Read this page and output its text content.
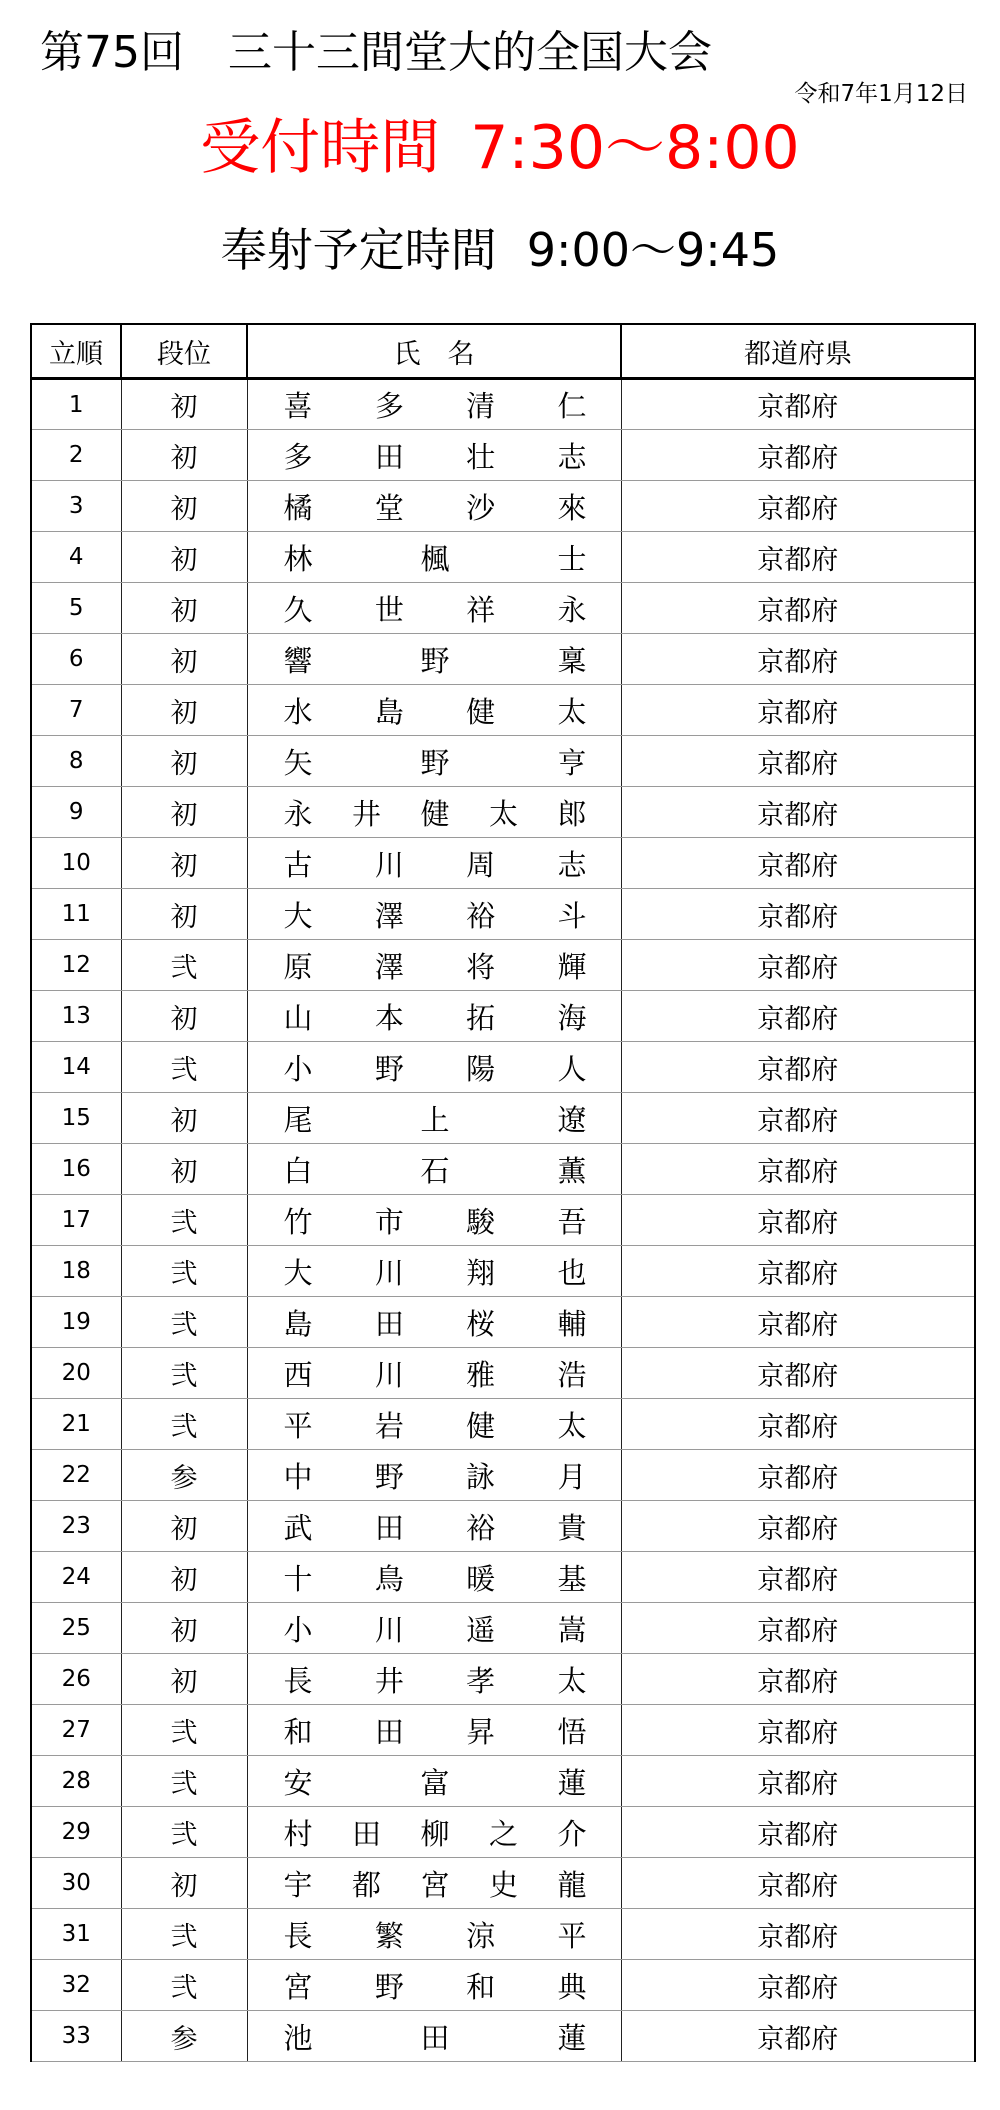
第75回　三十三間堂大的全国大会
令和7年1月12日
受付時間 7:30～8:00
奉射予定時間 9:00～9:45
立順	段位	氏　名	都道府県
1	初	喜多清仁	京都府
2	初	多田壮志	京都府
3	初	橘堂沙來	京都府
4	初	林楓士	京都府
5	初	久世祥永	京都府
6	初	響野稟	京都府
7	初	水島健太	京都府
8	初	矢野亨	京都府
9	初	永井健太郎	京都府
10	初	古川周志	京都府
11	初	大澤裕斗	京都府
12	弐	原澤将輝	京都府
13	初	山本拓海	京都府
14	弐	小野陽人	京都府
15	初	尾上遼	京都府
16	初	白石薫	京都府
17	弐	竹市駿吾	京都府
18	弐	大川翔也	京都府
19	弐	島田桜輔	京都府
20	弐	西川雅浩	京都府
21	弐	平岩健太	京都府
22	参	中野詠月	京都府
23	初	武田裕貴	京都府
24	初	十鳥暖基	京都府
25	初	小川遥嵩	京都府
26	初	長井孝太	京都府
27	弐	和田昇悟	京都府
28	弐	安富蓮	京都府
29	弐	村田柳之介	京都府
30	初	宇都宮史龍	京都府
31	弐	長繁涼平	京都府
32	弐	宮野和典	京都府
33	参	池田蓮	京都府
